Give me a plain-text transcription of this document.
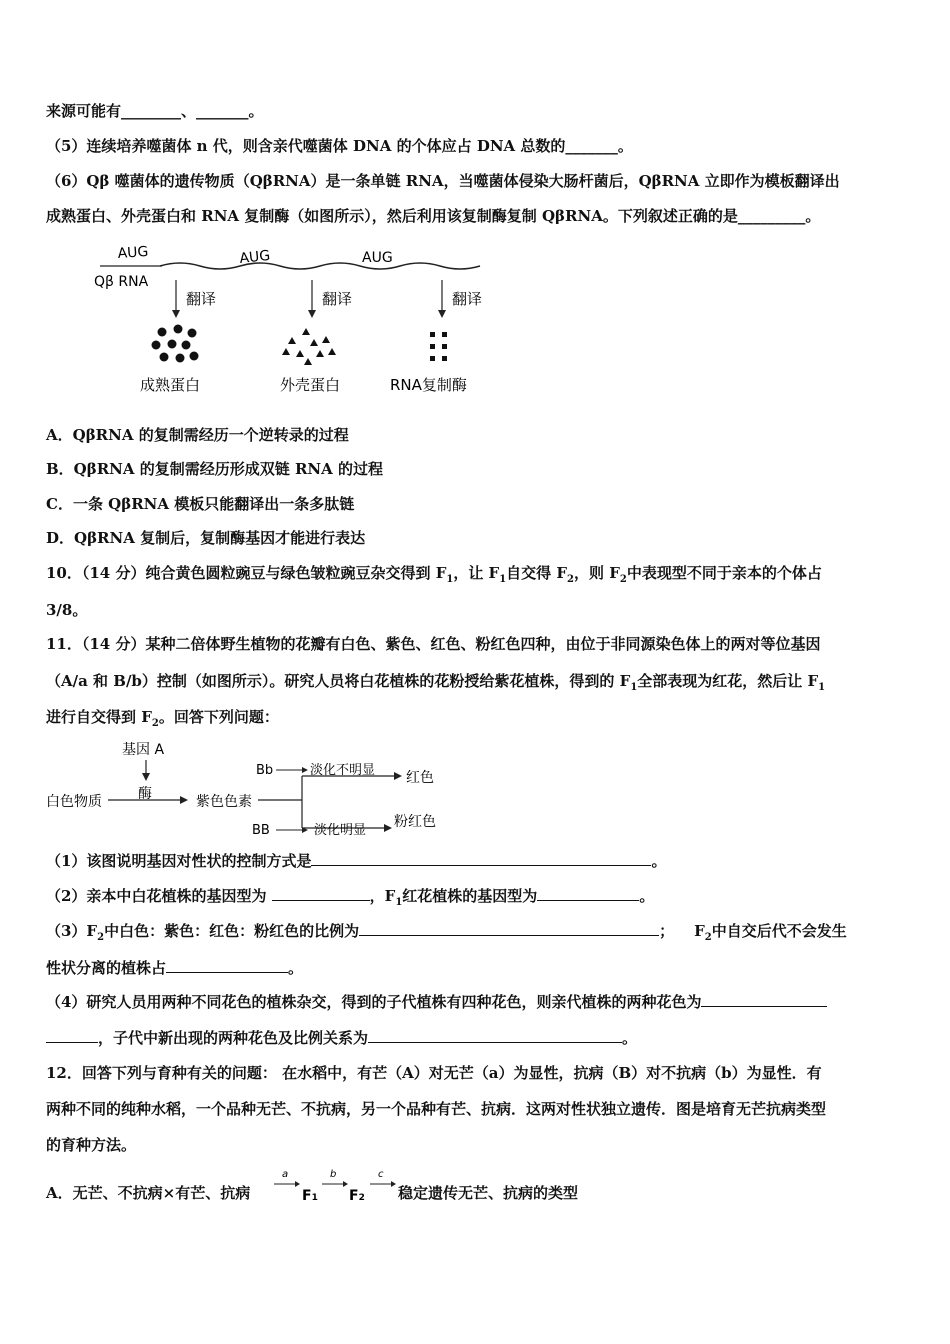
来源可能有________、_______。
（5）连续培养噬菌体 n 代，则含亲代噬菌体 DNA 的个体应占 DNA 总数的_______。
（6）Qβ 噬菌体的遗传物质（QβRNA）是一条单链 RNA，当噬菌体侵染大肠杆菌后，QβRNA 立即作为模板翻译出
成熟蛋白、外壳蛋白和 RNA 复制酶（如图所示），然后利用该复制酶复制 QβRNA。下列叙述正确的是_________。
Qβ RNA
AUG	AUG	AUG
翻译	翻译	翻译
成熟蛋白	外壳蛋白	RNA复制酶
A．QβRNA 的复制需经历一个逆转录的过程
B．QβRNA 的复制需经历形成双链 RNA 的过程
C．一条 QβRNA 模板只能翻译出一条多肽链
D．QβRNA 复制后，复制酶基因才能进行表达
10．（14 分）纯合黄色圆粒豌豆与绿色皱粒豌豆杂交得到 $F_1$，让 $F_1$自交得 $F_2$，则 $F_2$中表现型不同于亲本的个体占
3/8。
11．（14 分）某种二倍体野生植物的花瓣有白色、紫色、红色、粉红色四种，由位于非同源染色体上的两对等位基因
（A/a 和 B/b）控制（如图所示）。研究人员将白花植株的花粉授给紫花植株，得到的 $F_1$全部表现为红花，然后让 $F_1$
进行自交得到 $F_2$。回答下列问题：
基因 A
酶
白色物质	紫色色素
Bb	淡化不明显 红色
BB	淡化明显
粉红色
（1）该图说明基因对性状的控制方式是	。
（2）亲本中白花植株的基因型为	，$F_1$红花植株的基因型为	。
$(3)F_2$中白色：紫色：红色：粉红色的比例为	； $F_2$中自交后代不会发生
性状分离的植株占	。
（4）研究人员用两种不同花色的植株杂交，得到的子代植株有四种花色，则亲代植株的两种花色为
，子代中新出现的两种花色及比例关系为	。
12．回答下列与育种有关的问题： 在水稻中，有芒（A）对无芒（a）为显性，抗病（B）对不抗病（b）为显性．有
两种不同的纯种水稻，一个品种无芒、不抗病，另一个品种有芒、抗病．这两对性状独立遗传．图是培育无芒抗病类型
的育种方法。
A．无芒、不抗病×有芒、抗病
a
F1
b
F2
c
稳定遗传无芒、抗病的类型
